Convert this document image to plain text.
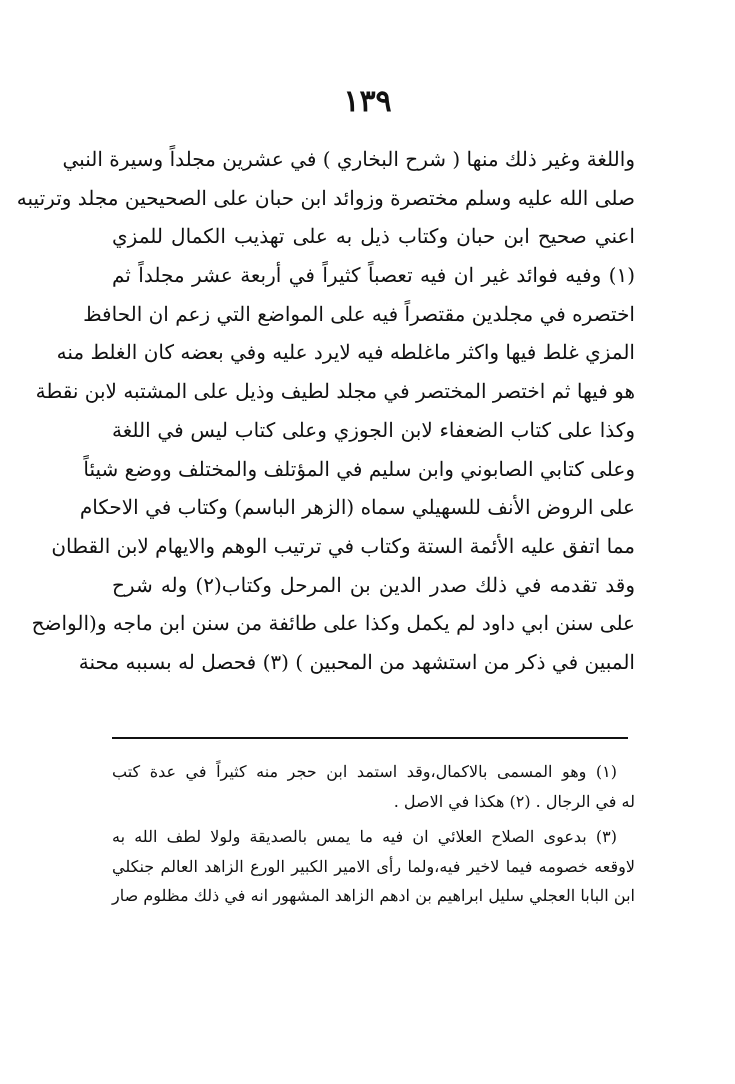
١٣٩
واللغة وغير ذلك منها ( شرح البخاري ) في عشرين مجلداً وسيرة النبي
صلى الله عليه وسلم مختصرة وزوائد ابن حبان على الصحيحين مجلد وترتيبه
اعني صحيح ابن حبان وكتاب ذيل به على تهذيب الكمال للمزي
(١) وفيه فوائد غير ان فيه تعصباً كثيراً في أربعة عشر مجلداً ثم
اختصره في مجلدين مقتصراً فيه على المواضع التي زعم ان الحافظ
المزي غلط فيها واكثر ماغلطه فيه لايرد عليه وفي بعضه كان الغلط منه
هو فيها ثم اختصر المختصر في مجلد لطيف وذيل على المشتبه لابن نقطة
وكذا على كتاب الضعفاء لابن الجوزي وعلى كتاب ليس في اللغة
وعلى كتابي الصابوني وابن سليم في المؤتلف والمختلف ووضع شيئاً
على الروض الأنف للسهيلي سماه (الزهر الباسم) وكتاب في الاحكام
مما اتفق عليه الأئمة الستة وكتاب في ترتيب الوهم والايهام لابن القطان
وقد تقدمه في ذلك صدر الدين بن المرحل وكتاب(٢) وله شرح
على سنن ابي داود لم يكمل وكذا على طائفة من سنن ابن ماجه و(الواضح
المبين في ذكر من استشهد من المحبين ) (٣) فحصل له بسببه محنة
(١) وهو المسمى بالاكمال،وقد استمد ابن حجر منه كثيراً في عدة كتب
له في الرجال . (٢) هكذا في الاصل .
(٣) بدعوى الصلاح العلائي ان فيه ما يمس بالصديقة ولولا لطف الله به
لاوقعه خصومه فيما لاخير فيه،ولما رأى الامير الكبير الورع الزاهد العالم جنكلي
ابن البابا العجلي سليل ابراهيم بن ادهم الزاهد المشهور انه في ذلك مظلوم صار
